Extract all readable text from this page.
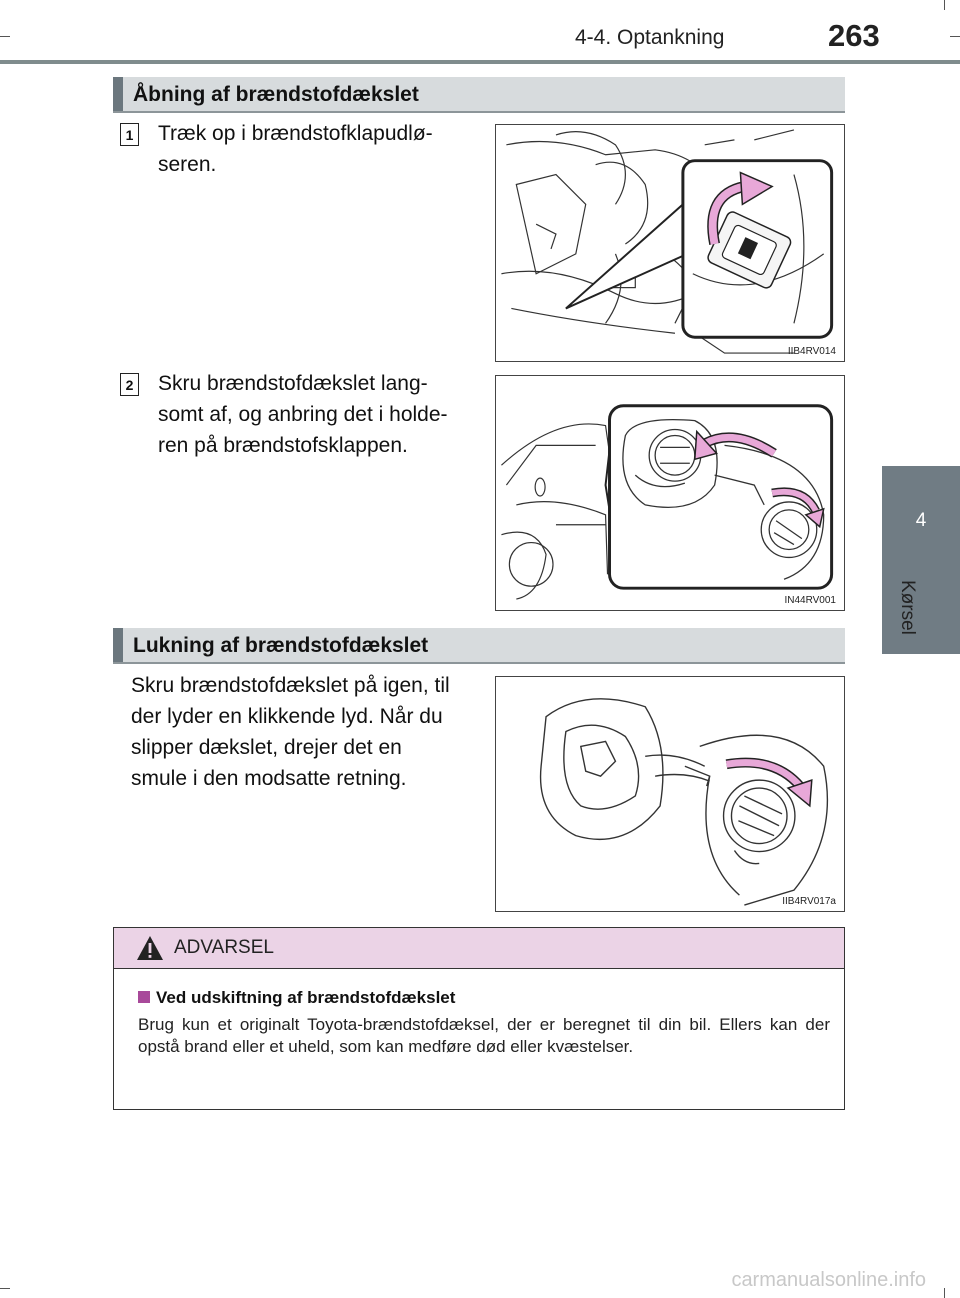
4-4. Optankning	263
4
Kørsel
Åbning af brændstofdækslet
1 Træk op i brændstofklapudlø-
seren.
IIB4RV014
2 Skru brændstofdækslet lang-
somt af, og anbring det i holde-
ren på brændstofsklappen.
IN44RV001
Lukning af brændstofdækslet
Skru brændstofdækslet på igen, til
der lyder en klikkende lyd. Når du
slipper dækslet, drejer det en
smule i den modsatte retning.
IIB4RV017a
ADVARSEL
Ved udskiftning af brændstofdækslet
Brug kun et originalt Toyota-brændstofdæksel, der er beregnet til din bil. Ellers kan der opstå brand eller et uheld, som kan medføre død eller kvæstelser.
carmanualsonline.info
